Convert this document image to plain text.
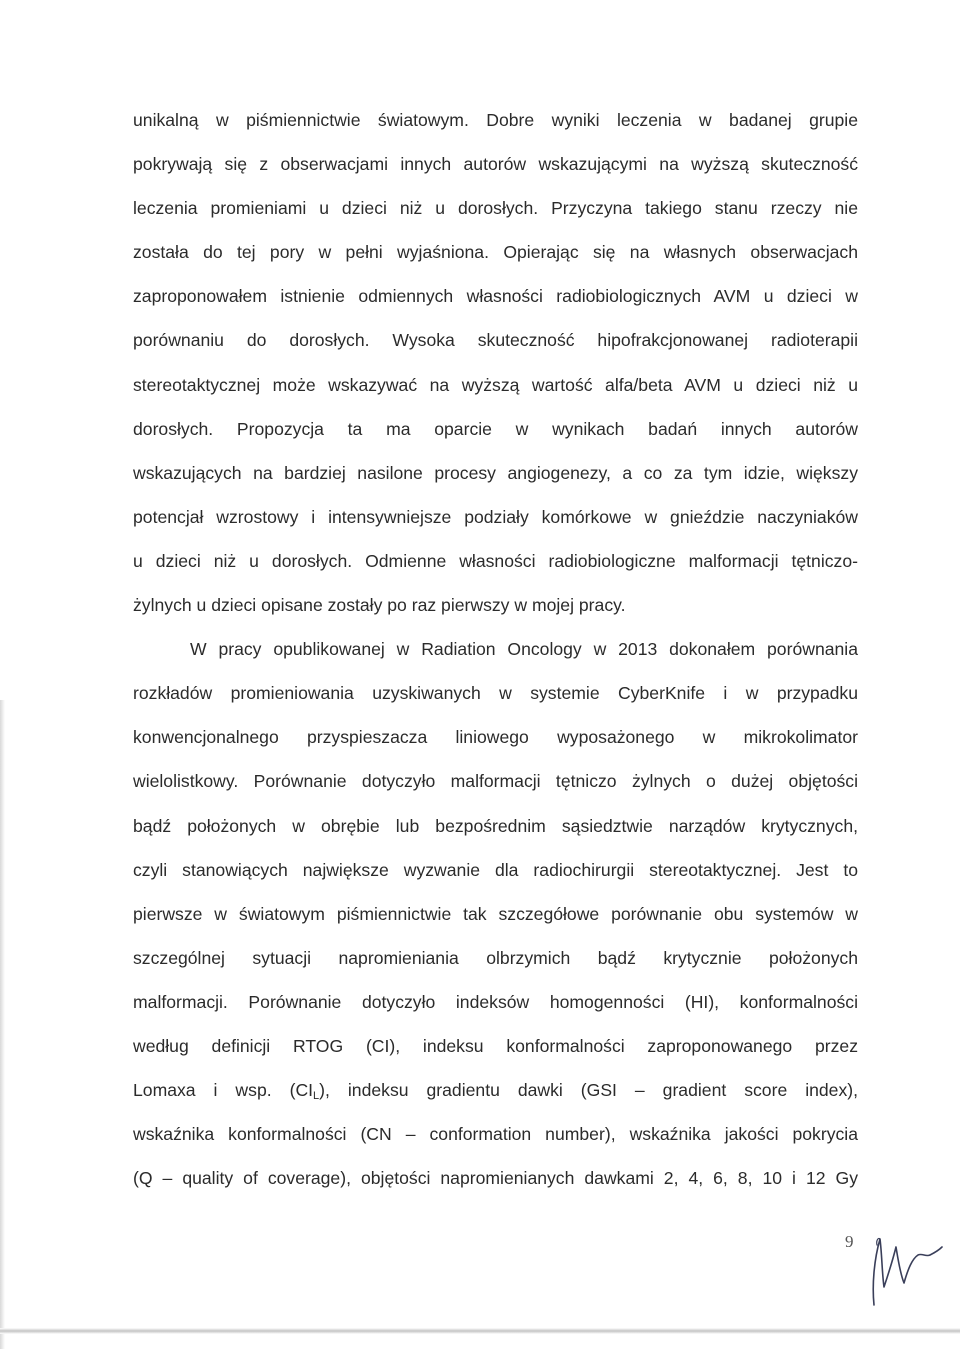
unikalną w piśmiennictwie światowym. Dobre wyniki leczenia w badanej grupie
pokrywają się z obserwacjami innych autorów wskazującymi na wyższą skuteczność
leczenia promieniami u dzieci niż u dorosłych. Przyczyna takiego stanu rzeczy nie
została do tej pory w pełni wyjaśniona. Opierając się na własnych obserwacjach
zaproponowałem istnienie odmiennych własności radiobiologicznych AVM u dzieci w
porównaniu do dorosłych. Wysoka skuteczność hipofrakcjonowanej radioterapii
stereotaktycznej może wskazywać na wyższą wartość alfa/beta AVM u dzieci niż u
dorosłych. Propozycja ta ma oparcie w wynikach badań innych autorów
wskazujących na bardziej nasilone procesy angiogenezy, a co za tym idzie, większy
potencjał wzrostowy i intensywniejsze podziały komórkowe w gnieździe naczyniaków
u dzieci niż u dorosłych. Odmienne własności radiobiologiczne malformacji tętniczo-
żylnych u dzieci opisane zostały po raz pierwszy w mojej pracy.
W pracy opublikowanej w Radiation Oncology w 2013 dokonałem porównania
rozkładów promieniowania uzyskiwanych w systemie CyberKnife i w przypadku
konwencjonalnego przyspieszacza liniowego wyposażonego w mikrokolimator
wielolistkowy. Porównanie dotyczyło malformacji tętniczo żylnych o dużej objętości
bądź położonych w obrębie lub bezpośrednim sąsiedztwie narządów krytycznych,
czyli stanowiących największe wyzwanie dla radiochirurgii stereotaktycznej. Jest to
pierwsze w światowym piśmiennictwie tak szczegółowe porównanie obu systemów w
szczególnej sytuacji napromieniania olbrzymich bądź krytycznie położonych
malformacji. Porównanie dotyczyło indeksów homogenności (HI), konformalności
według definicji RTOG (CI), indeksu konformalności zaproponowanego przez
Lomaxa i wsp. $(CI_L)$, indeksu gradientu dawki (GSI – gradient score index),
wskaźnika konformalności (CN – conformation number), wskaźnika jakości pokrycia
(Q – quality of coverage), objętości napromienianych dawkami 2, 4, 6, 8, 10 i 12 Gy
9
